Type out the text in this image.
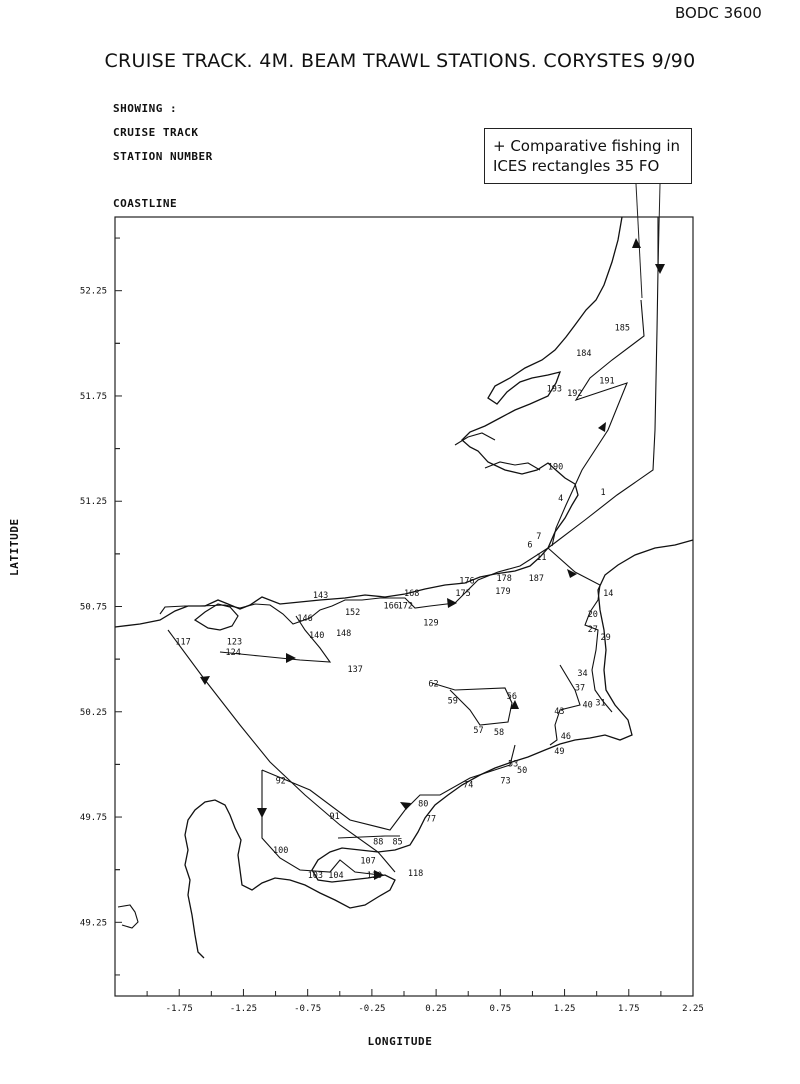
BODC 3600
CRUISE TRACK. 4M. BEAM TRAWL STATIONS. CORYSTES 9/90
SHOWING :
CRUISE TRACK
STATION NUMBER
COASTLINE
-1.75	-1.25	-0.75	-0.25	0.25	0.75	1.25	1.75	2.25
52.25
51.75
51.25
50.75
50.25
49.75
49.25
185
184
191
193 192
190
1
4
7
6
11
187
14
20
27
29
34
37
40
43
31
46
49
178
179
176
175
168
166
172
129
152
148
140
146
143
137
124
123
117
62
59	56
57 58
53
50
73
74
80
77
85
88
91
92
100
107
103 104	110	118
+ Comparative fishing in
ICES rectangles 35 FO
LATITUDE
LONGITUDE
